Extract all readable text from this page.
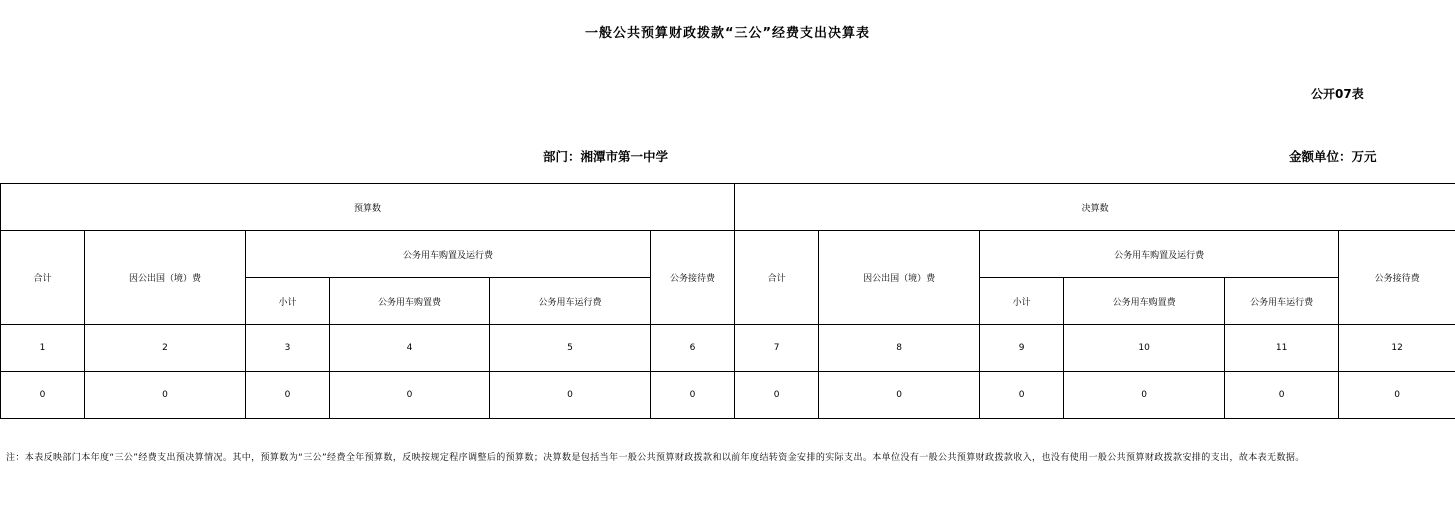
一般公共预算财政拨款“三公”经费支出决算表
公开07表
部门：湘潭市第一中学	金额单位：万元
预算数						决算数					
合计	因公出国（境）费	公务用车购置及运行费			公务接待费	合计	因公出国（境）费	公务用车购置及运行费			公务接待费
		小计	公务用车购置费	公务用车运行费				小计	公务用车购置费	公务用车运行费	
1	2	3	4	5	6	7	8	9	10	11	12
0	0	0	0	0	0	0	0	0	0	0	0
注：本表反映部门本年度“三公”经费支出预决算情况。其中，预算数为“三公”经费全年预算数，反映按规定程序调整后的预算数；决算数是包括当年一般公共预算财政拨款和以前年度结转资金安排的实际支出。本单位没有一般公共预算财政拨款收入，也没有使用一般公共预算财政拨款安排的支出，故本表无数据。
